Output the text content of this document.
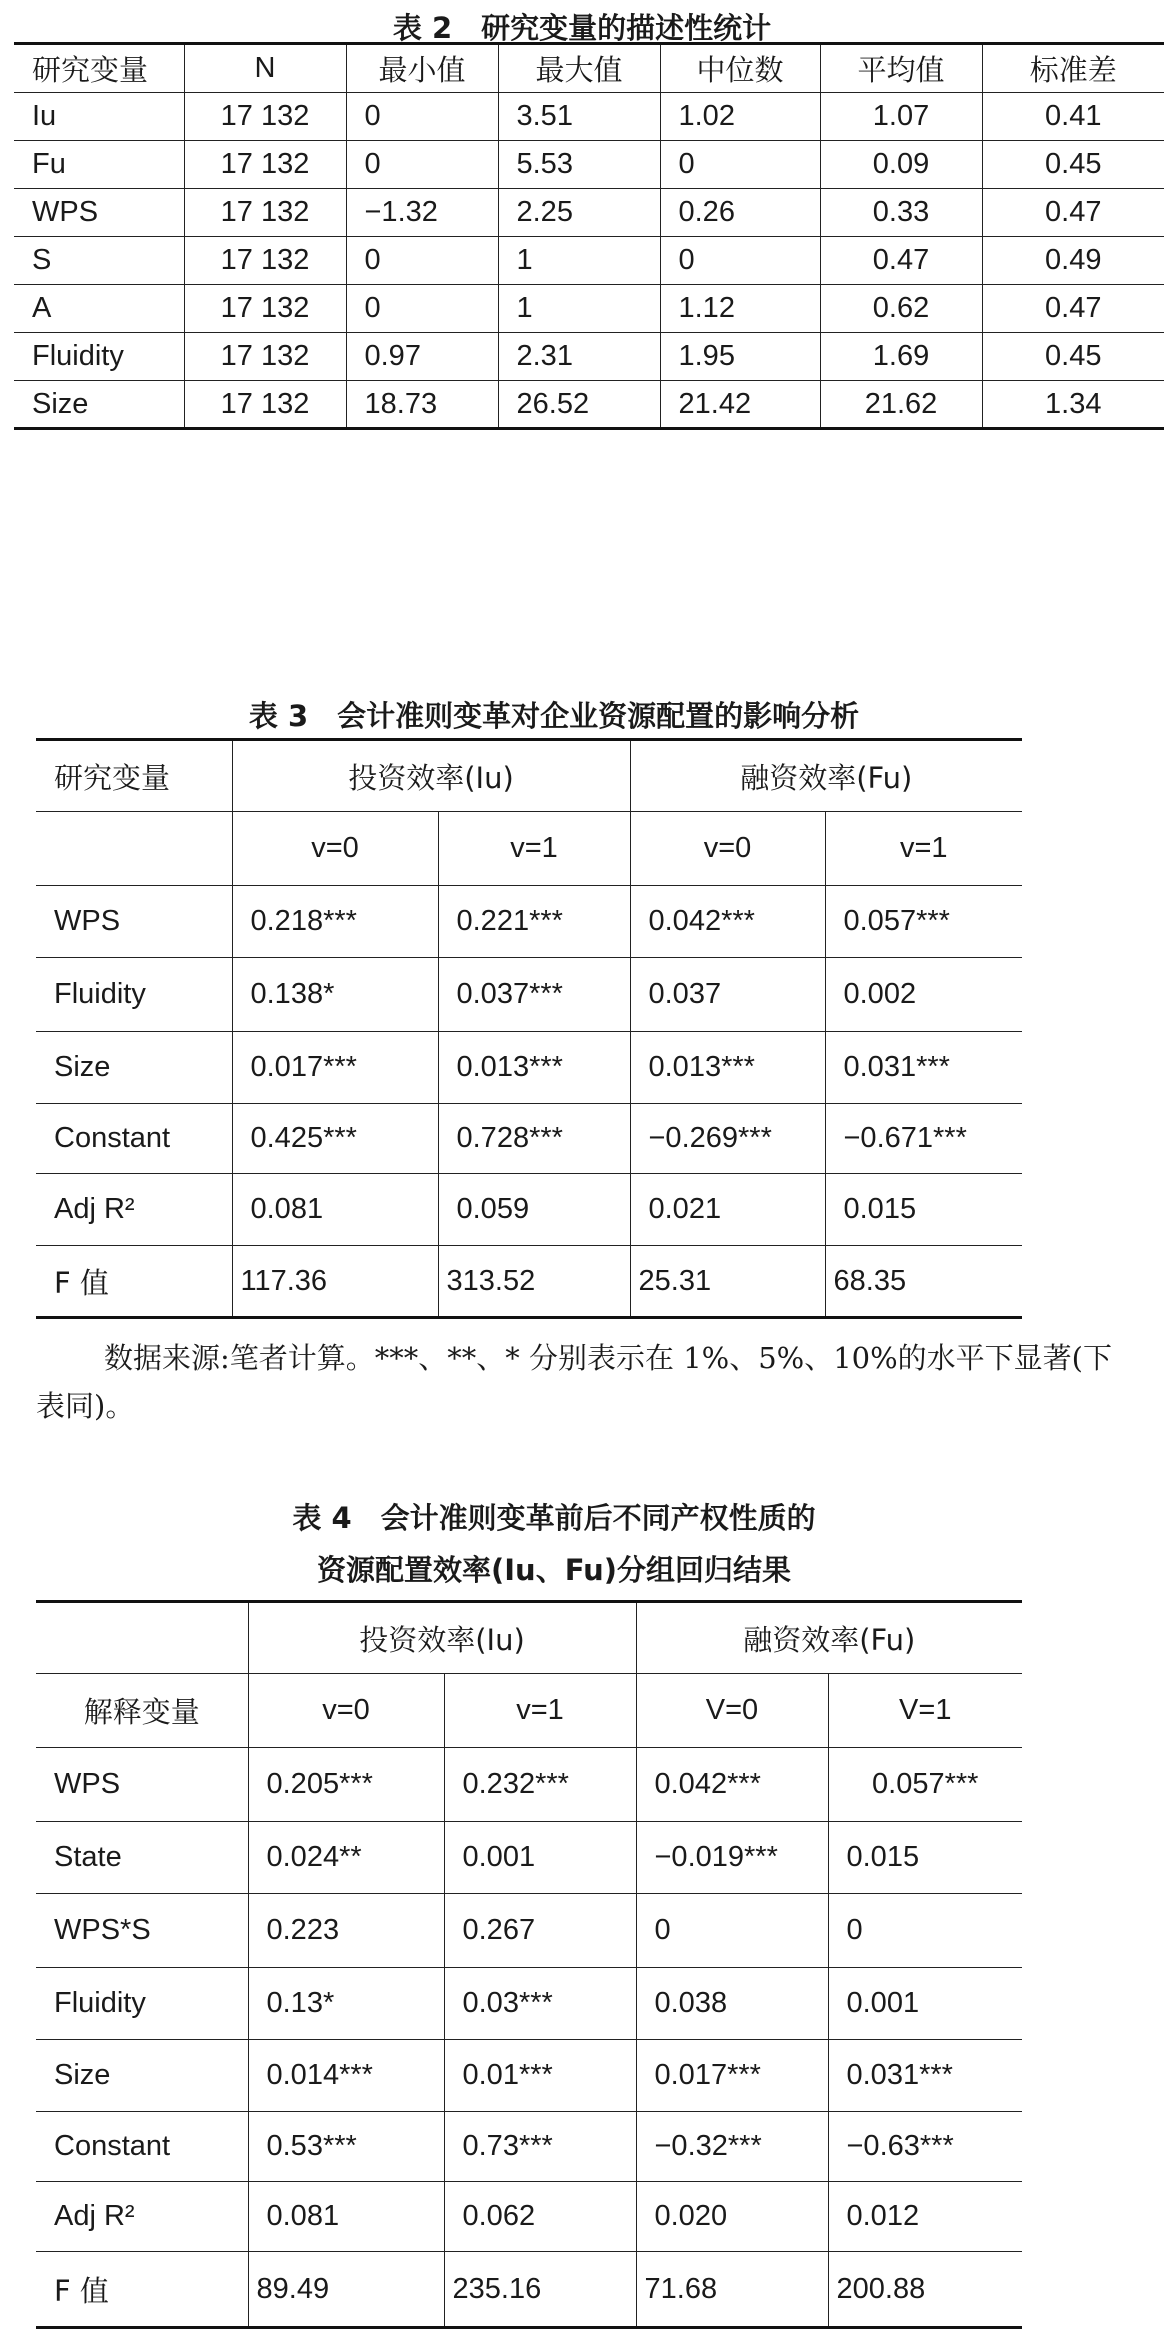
表 2　研究变量的描述性统计
研究变量	N	最小值	最大值	中位数	平均值	标准差
Iu	17 132	0	3.51	1.02	1.07	0.41
Fu	17 132	0	5.53	0	0.09	0.45
WPS	17 132	−1.32	2.25	0.26	0.33	0.47
S	17 132	0	1	0	0.47	0.49
A	17 132	0	1	1.12	0.62	0.47
Fluidity	17 132	0.97	2.31	1.95	1.69	0.45
Size	17 132	18.73	26.52	21.42	21.62	1.34
表 3　会计准则变革对企业资源配置的影响分析
研究变量	投资效率(Iu)		融资效率(Fu)	
	v=0	v=1	v=0	v=1
WPS	0.218***	0.221***	0.042***	0.057***
Fluidity	0.138*	0.037***	0.037	0.002
Size	0.017***	0.013***	0.013***	0.031***
Constant	0.425***	0.728***	−0.269***	−0.671***
Adj R²	0.081	0.059	0.021	0.015
F 值	117.36	313.52	25.31	68.35
数据来源:笔者计算。***、**、* 分别表示在 1%、5%、10%的水平下显著(下表同)。
表 4　会计准则变革前后不同产权性质的
资源配置效率(Iu、Fu)分组回归结果
	投资效率(Iu)		融资效率(Fu)	
解释变量	v=0	v=1	V=0	V=1
WPS	0.205***	0.232***	0.042***	0.057***
State	0.024**	0.001	−0.019***	0.015
WPS*S	0.223	0.267	0	0
Fluidity	0.13*	0.03***	0.038	0.001
Size	0.014***	0.01***	0.017***	0.031***
Constant	0.53***	0.73***	−0.32***	−0.63***
Adj R²	0.081	0.062	0.020	0.012
F 值	89.49	235.16	71.68	200.88
